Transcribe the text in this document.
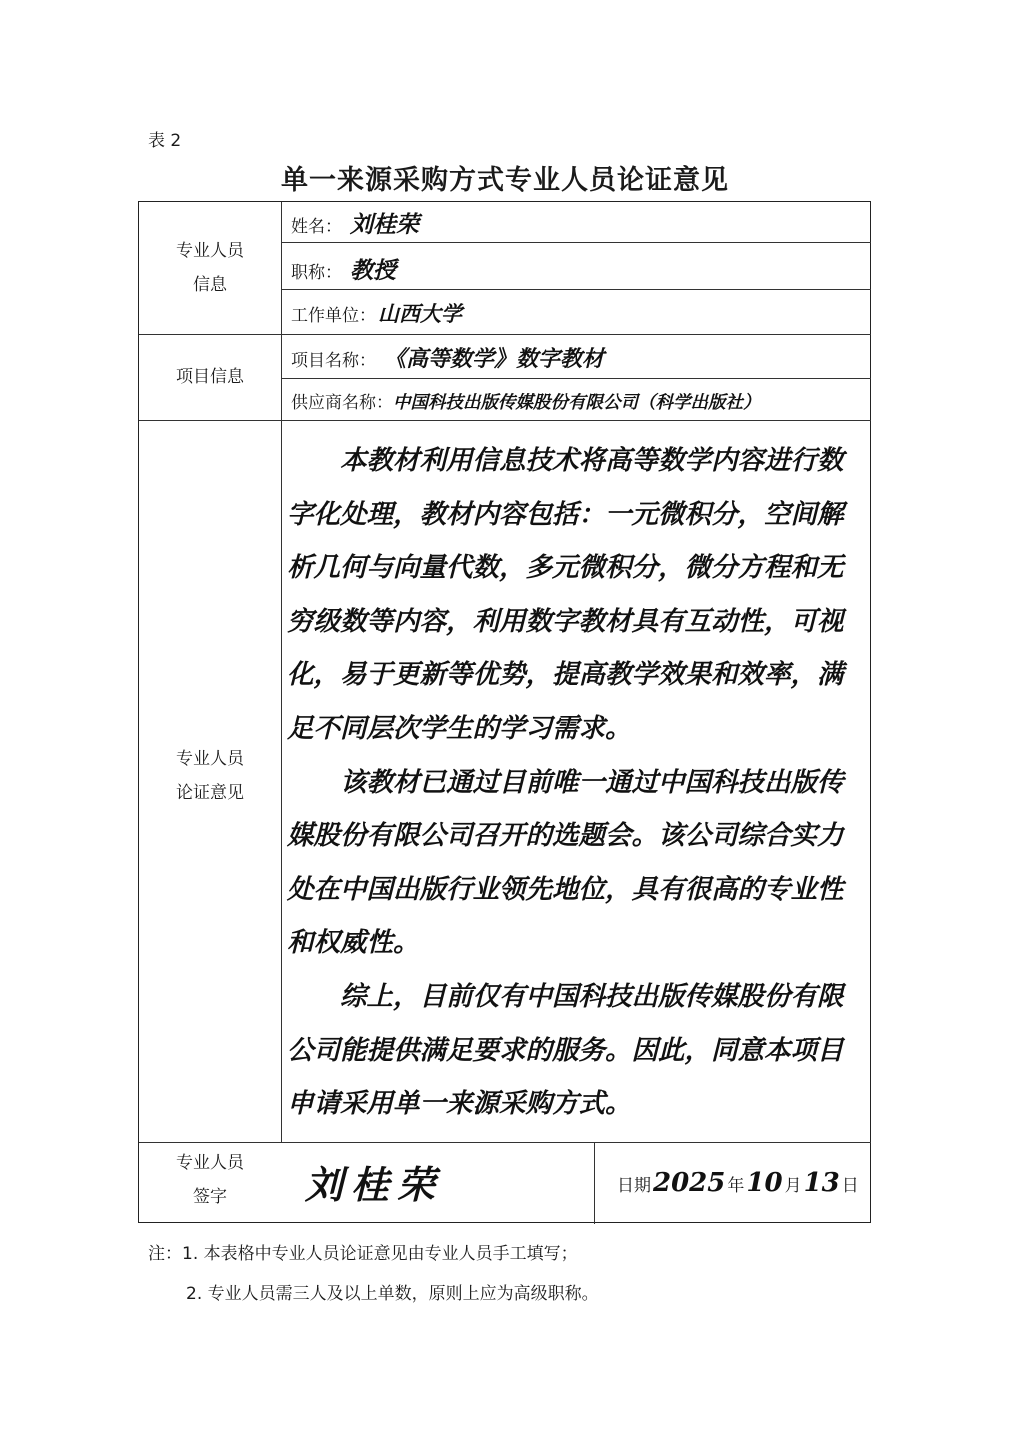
表 2
单一来源采购方式专业人员论证意见
专业人员
信息
姓名： 刘桂荣
职称： 教授
工作单位：山西大学
项目信息
项目名称： 《高等数学》数字教材
供应商名称：中国科技出版传媒股份有限公司（科学出版社）
专业人员
论证意见

本教材利用信息技术将高等数学内容进行数字化处理，教材内容包括：一元微积分，空间解析几何与向量代数，多元微积分，微分方程和无穷级数等内容，利用数字教材具有互动性，可视化，易于更新等优势，提高教学效果和效率，满足不同层次学生的学习需求。

该教材已通过目前唯一通过中国科技出版传媒股份有限公司召开的选题会。该公司综合实力处在中国出版行业领先地位，具有很高的专业性和权威性。

综上，目前仅有中国科技出版传媒股份有限公司能提供满足要求的服务。因此，同意本项目申请采用单一来源采购方式。

专业人员
签字	刘桂荣	日期2025 年10 月13 日
注：1. 本表格中专业人员论证意见由专业人员手工填写；
2. 专业人员需三人及以上单数，原则上应为高级职称。
